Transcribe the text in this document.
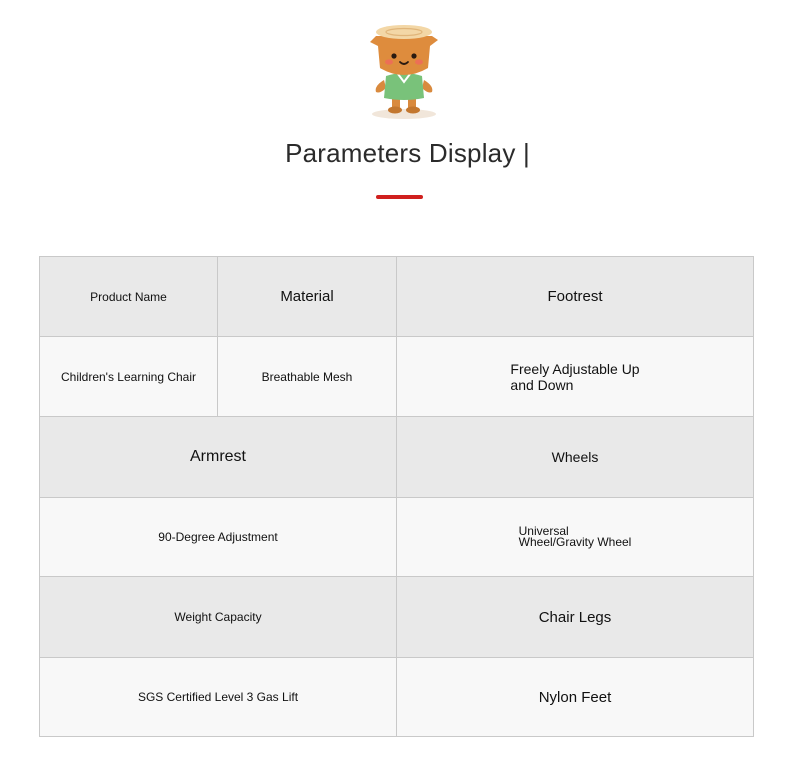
Parameters Display |
Product Name	Material	Footrest
Children's Learning Chair	Breathable Mesh	Freely Adjustable Up
and Down
Armrest		Wheels
90-Degree Adjustment		Universal
Wheel/Gravity Wheel
Weight Capacity		Chair Legs
SGS Certified Level 3 Gas Lift		Nylon Feet
